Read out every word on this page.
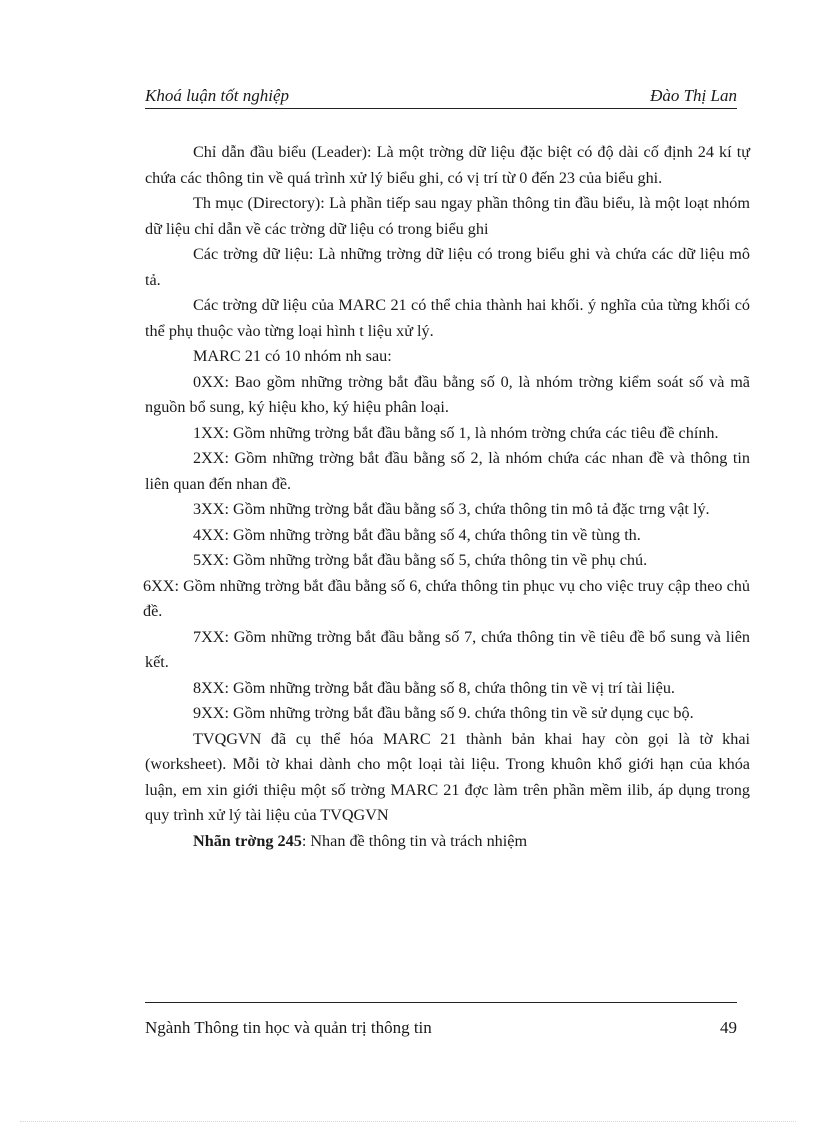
Khoá luận tốt nghiệp	Đào Thị Lan

Chỉ dẫn đầu biểu (Leader): Là một trờng dữ liệu đặc biệt có độ dài cố định 24 kí tự chứa các thông tin về quá trình xử lý biểu ghi, có vị trí từ 0 đến 23 của biểu ghi.

Th mục (Directory): Là phần tiếp sau ngay phần thông tin đầu biểu, là một loạt nhóm dữ liệu chỉ dẫn về các trờng dữ liệu có trong biểu ghi

Các trờng dữ liệu: Là những trờng dữ liệu có trong biểu ghi và chứa các dữ liệu mô tả.

Các trờng dữ liệu của MARC 21 có thể chia thành hai khối. ý nghĩa của từng khối có thể phụ thuộc vào từng loại hình t liệu xử lý.

MARC 21 có 10 nhóm nh sau:

0XX: Bao gồm những trờng bắt đầu bằng số 0, là nhóm trờng kiểm soát số và mã nguồn bổ sung, ký hiệu kho, ký hiệu phân loại.

1XX: Gồm những trờng bắt đầu bằng số 1, là nhóm trờng chứa các tiêu đề chính.

2XX: Gồm những trờng bắt đầu bằng số 2, là nhóm chứa các nhan đề và thông tin liên quan đến nhan đề.

3XX: Gồm những trờng bắt đầu bằng số 3, chứa thông tin mô tả đặc trng vật lý.

4XX: Gồm những trờng bắt đầu bằng số 4, chứa thông tin về tùng th.

5XX: Gồm những trờng bắt đầu bằng số 5, chứa thông tin về phụ chú.

6XX: Gồm những trờng bắt đầu bằng số 6, chứa thông tin phục vụ cho việc truy cập theo chủ đề.

7XX: Gồm những trờng bắt đầu bằng số 7, chứa thông tin về tiêu đề bổ sung và liên kết.

8XX: Gồm những trờng bắt đầu bằng số 8, chứa thông tin về vị trí tài liệu.

9XX: Gồm những trờng bắt đầu bằng số 9. chứa thông tin về sử dụng cục bộ.

TVQGVN đã cụ thể hóa MARC 21 thành bản khai hay còn gọi là tờ khai (worksheet). Mỗi tờ khai dành cho một loại tài liệu. Trong khuôn khổ giới hạn của khóa luận, em xin giới thiệu một số trờng MARC 21 đợc làm trên phần mềm ilib, áp dụng trong quy trình xử lý tài liệu của TVQGVN

Nhãn trờng 245: Nhan đề thông tin và trách nhiệm

Ngành Thông tin học và quản trị thông tin	49
